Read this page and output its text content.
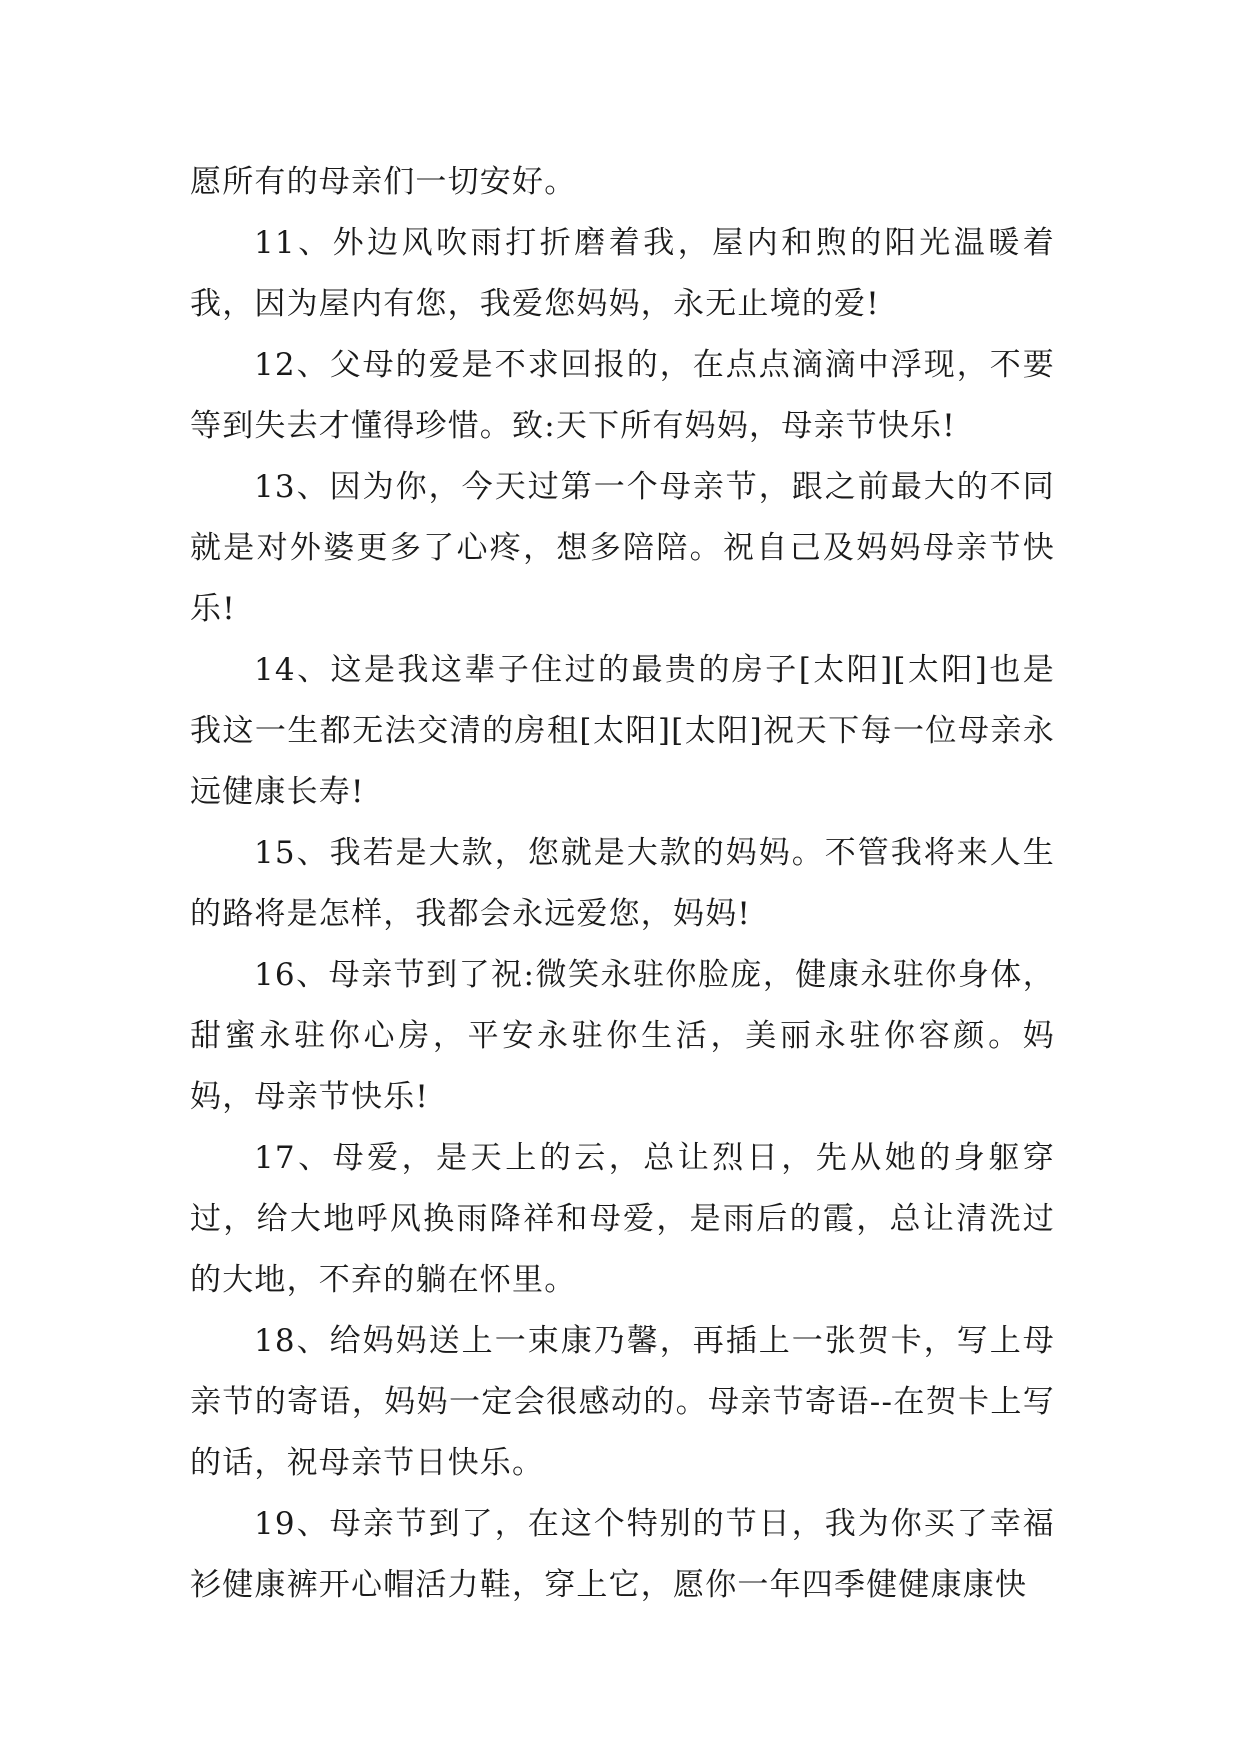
愿所有的母亲们一切安好。

11、外边风吹雨打折磨着我，屋内和煦的阳光温暖着我，因为屋内有您，我爱您妈妈，永无止境的爱!

12、父母的爱是不求回报的，在点点滴滴中浮现，不要等到失去才懂得珍惜。致:天下所有妈妈，母亲节快乐!

13、因为你，今天过第一个母亲节，跟之前最大的不同就是对外婆更多了心疼，想多陪陪。祝自己及妈妈母亲节快乐!

14、这是我这辈子住过的最贵的房子[太阳][太阳]也是我这一生都无法交清的房租[太阳][太阳]祝天下每一位母亲永远健康长寿!

15、我若是大款，您就是大款的妈妈。不管我将来人生的路将是怎样，我都会永远爱您，妈妈!

16、母亲节到了祝:微笑永驻你脸庞，健康永驻你身体，甜蜜永驻你心房，平安永驻你生活，美丽永驻你容颜。妈妈，母亲节快乐!

17、母爱，是天上的云，总让烈日，先从她的身躯穿过，给大地呼风换雨降祥和母爱，是雨后的霞，总让清洗过的大地，不弃的躺在怀里。

18、给妈妈送上一束康乃馨，再插上一张贺卡，写上母亲节的寄语，妈妈一定会很感动的。母亲节寄语--在贺卡上写的话，祝母亲节日快乐。

19、母亲节到了，在这个特别的节日，我为你买了幸福衫健康裤开心帽活力鞋，穿上它，愿你一年四季健健康康快
